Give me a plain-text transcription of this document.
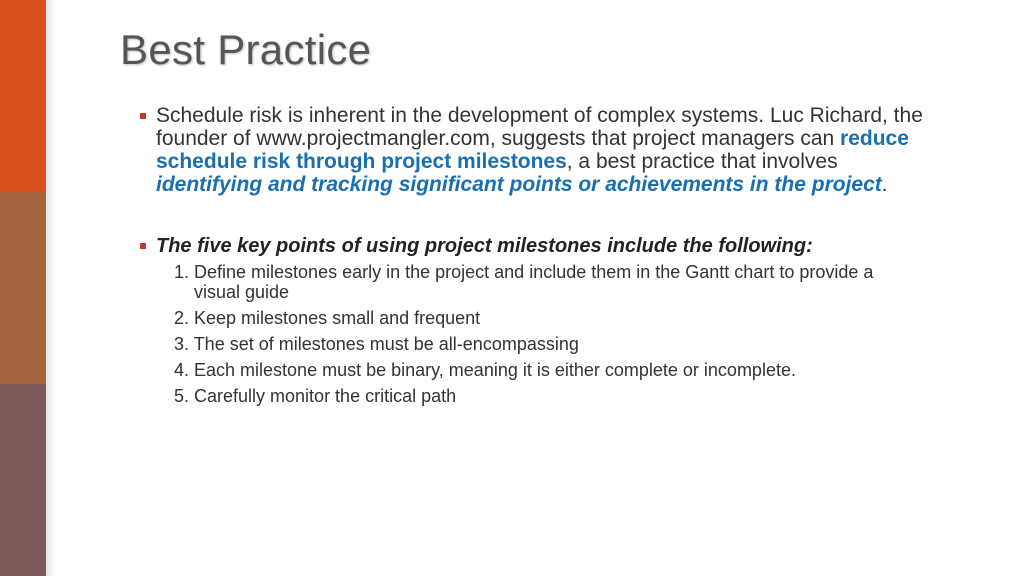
Best Practice
Schedule risk is inherent in the development of complex systems. Luc Richard, the founder of www.projectmangler.com, suggests that project managers can reduce schedule risk through project milestones, a best practice that involves identifying and tracking significant points or achievements in the project.
The five key points of using project milestones include the following:
1. Define milestones early in the project and include them in the Gantt chart to provide a visual guide
2. Keep milestones small and frequent
3. The set of milestones must be all-encompassing
4. Each milestone must be binary, meaning it is either complete or incomplete.
5. Carefully monitor the critical path
